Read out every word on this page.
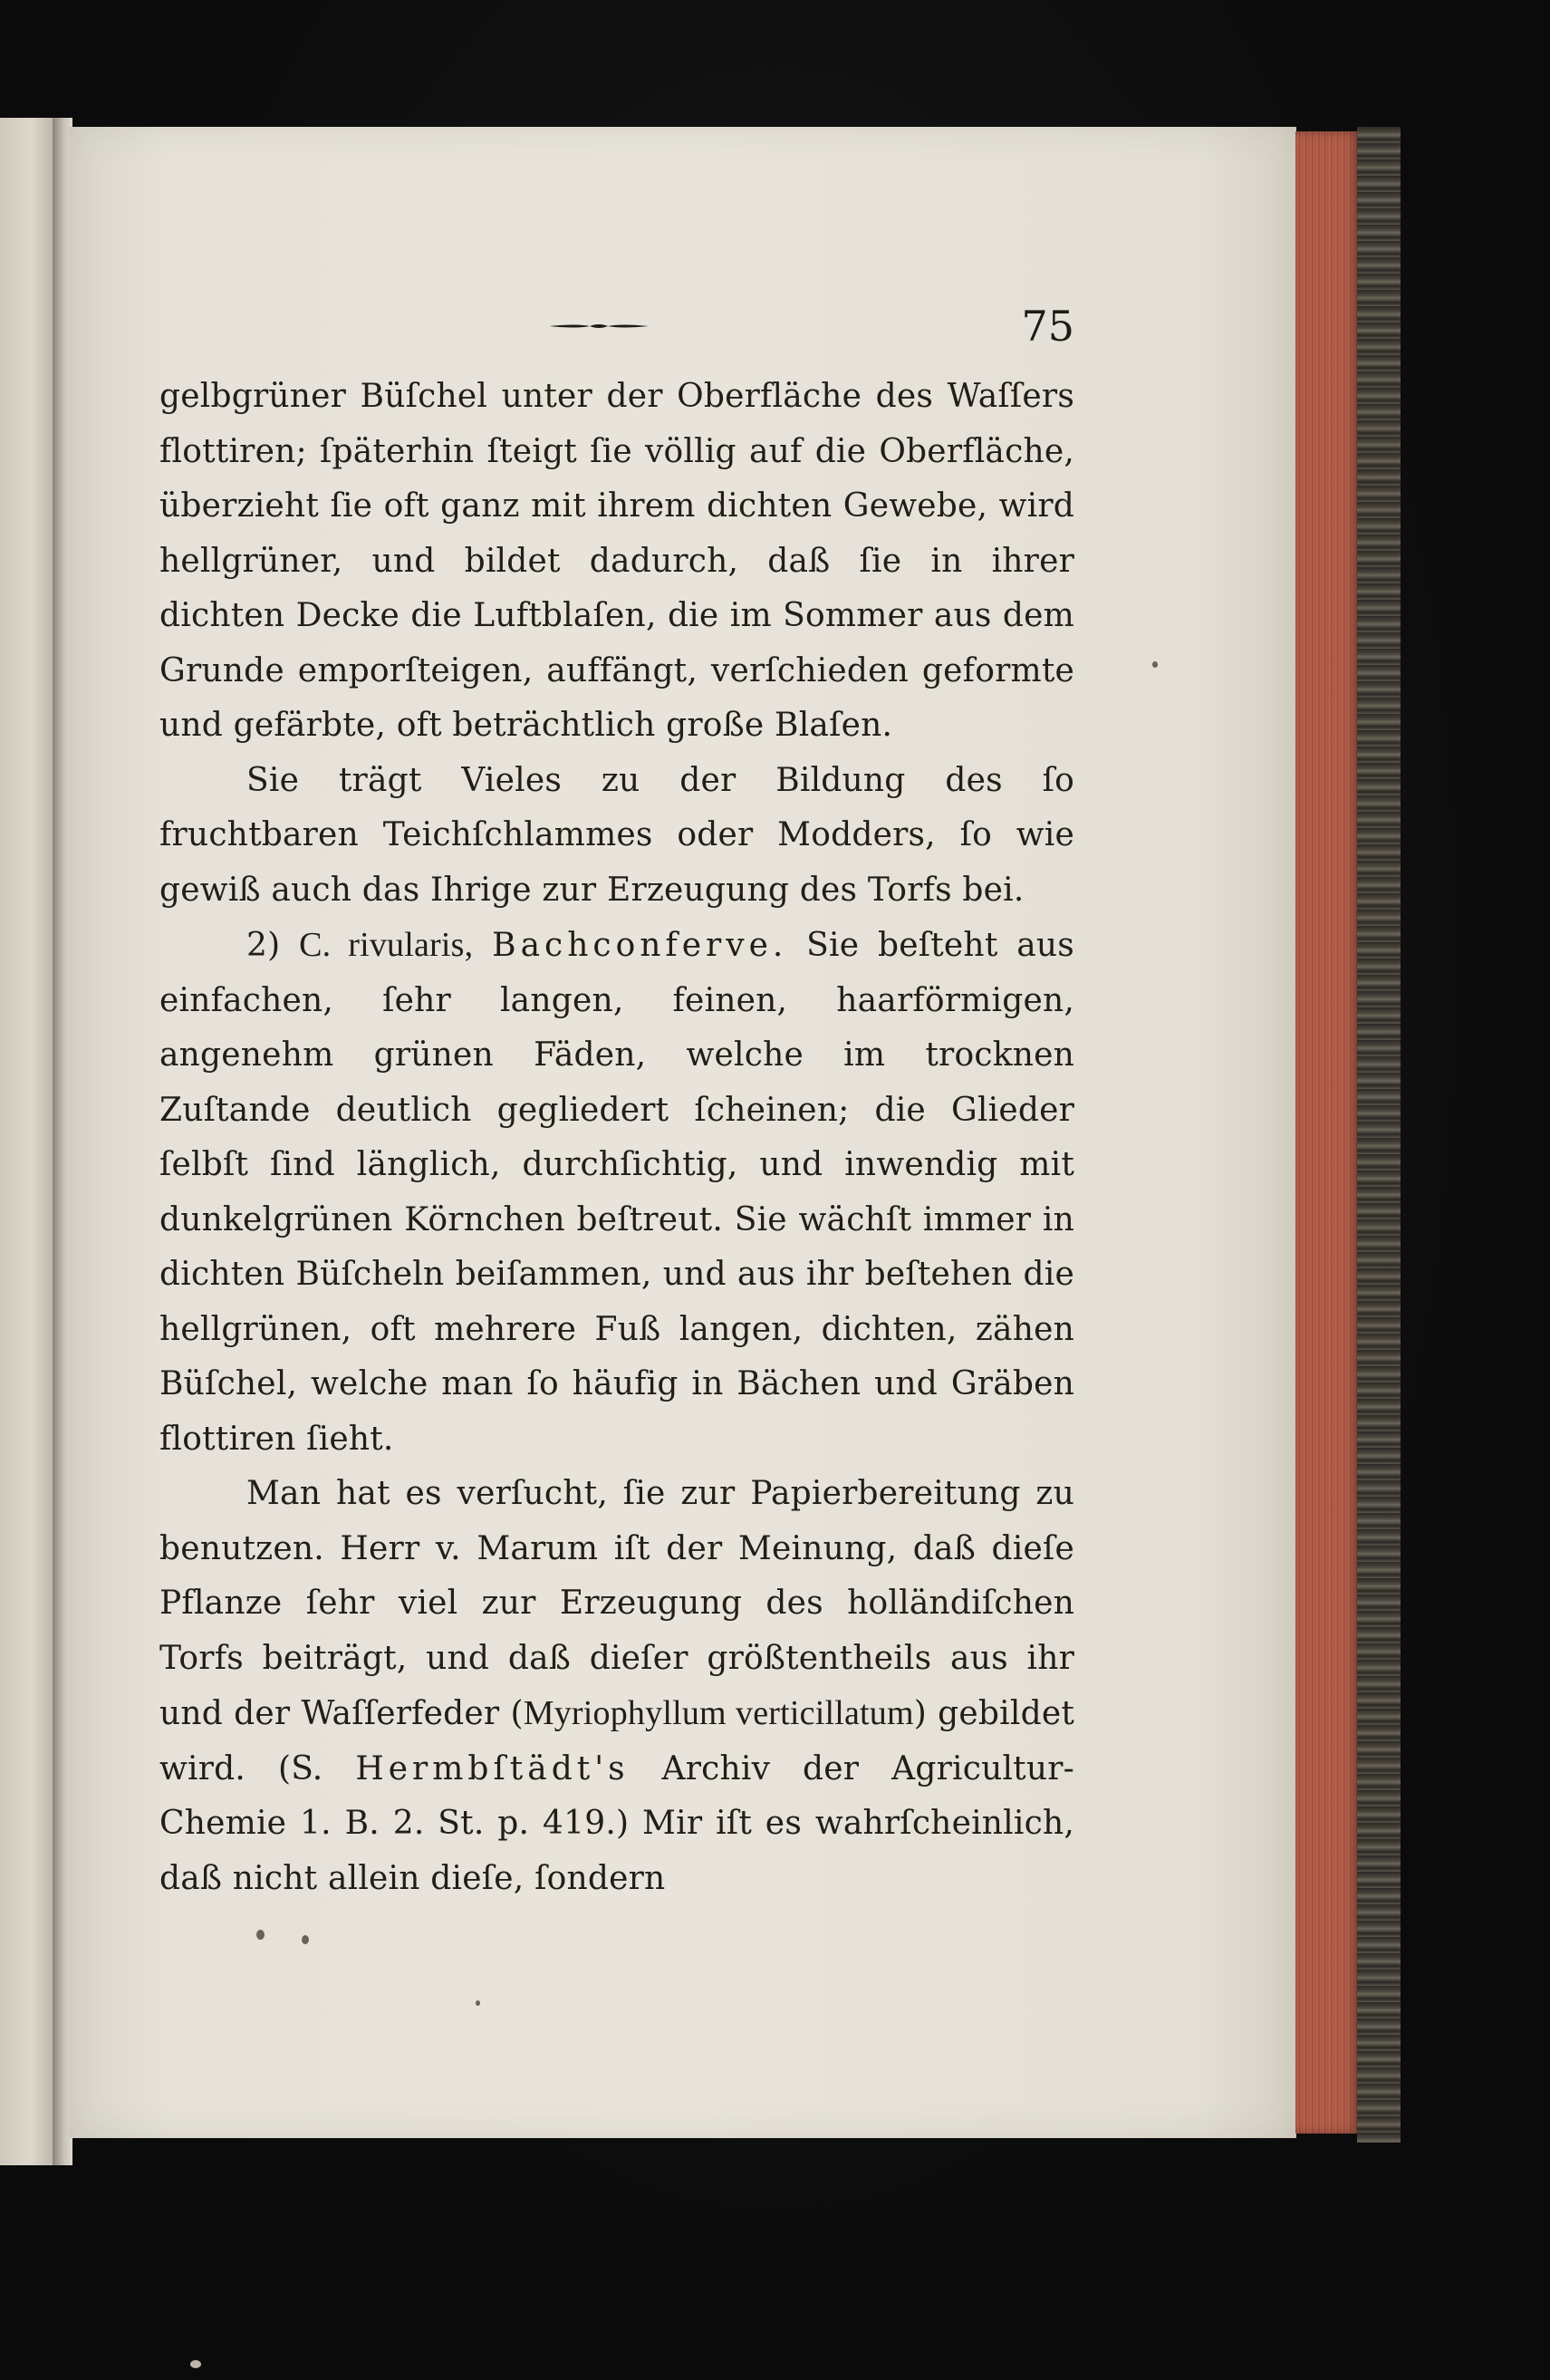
75

gelbgrüner Büſchel unter der Oberfläche des Waſſers flottiren; ſpäterhin ſteigt ſie völlig auf die Oberfläche, überzieht ſie oft ganz mit ihrem dichten Gewebe, wird hellgrüner, und bildet dadurch, daß ſie in ihrer dichten Decke die Luftblaſen, die im Sommer aus dem Grunde emporſteigen, auffängt, verſchieden geformte und gefärbte, oft beträchtlich große Blaſen.

Sie trägt Vieles zu der Bildung des ſo fruchtbaren Teichſchlammes oder Modders, ſo wie gewiß auch das Ihrige zur Erzeugung des Torfs bei.

2) C. rivularis, Bachconferve. Sie beſteht aus einfachen, ſehr langen, feinen, haarförmigen, angenehm grünen Fäden, welche im trocknen Zuſtande deutlich gegliedert ſcheinen; die Glieder ſelbſt ſind länglich, durchſichtig, und inwendig mit dunkelgrünen Körnchen beſtreut. Sie wächſt immer in dichten Büſcheln beiſammen, und aus ihr beſtehen die hellgrünen, oft mehrere Fuß langen, dichten, zähen Büſchel, welche man ſo häufig in Bächen und Gräben flottiren ſieht.

Man hat es verſucht, ſie zur Papierbereitung zu benutzen. Herr v. Marum iſt der Meinung, daß dieſe Pflanze ſehr viel zur Erzeugung des holländiſchen Torfs beiträgt, und daß dieſer größtentheils aus ihr und der Waſſerfeder (Myriophyllum verticillatum) gebildet wird. (S. Hermbſtädt's Archiv der Agricultur-Chemie 1. B. 2. St. p. 419.) Mir iſt es wahrſcheinlich, daß nicht allein dieſe, ſondern
